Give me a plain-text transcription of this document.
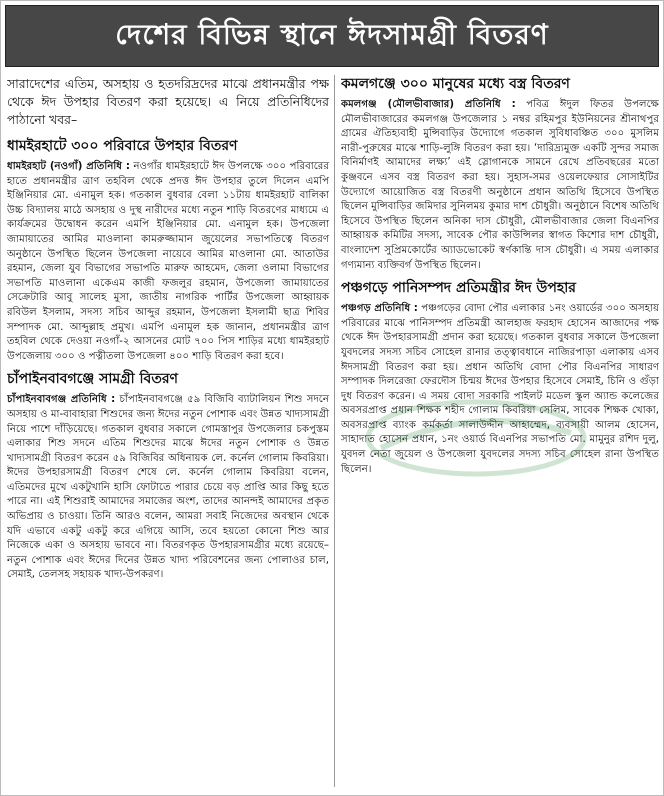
দেশের বিভিন্ন স্থানে ঈদসামগ্রী বিতরণ

সারাদেশের এতিম, অসহায় ও হতদরিদ্রদের মাঝে প্রধানমন্ত্রীর পক্ষ থেকে ঈদ উপহার বিতরণ করা হয়েছে। এ নিয়ে প্রতিনিধিদের পাঠানো খবর–

ধামইরহাটে ৩০০ পরিবারে উপহার বিতরণ

ধামইরহাট (নওগাঁ) প্রতিনিধি : নওগাঁর ধামইরহাটে ঈদ উপলক্ষে ৩০০ পরিবারের হাতে প্রধানমন্ত্রীর ত্রাণ তহবিল থেকে প্রদত্ত ঈদ উপহার তুলে দিলেন এমপি ইঞ্জিনিয়ার মো. এনামুল হক। গতকাল বুধবার বেলা ১১টায় ধামইরহাট বালিকা উচ্চ বিদ্যালয় মাঠে অসহায় ও দুস্থ নারীদের মধ্যে নতুন শাড়ি বিতরণের মাধ্যমে এ কার্যক্রমের উদ্বোধন করেন এমপি ইঞ্জিনিয়ার মো. এনামুল হক। উপজেলা জামায়াতের আমির মাওলানা কামরুজ্জামান জুয়েলের সভাপতিত্বে বিতরণ অনুষ্ঠানে উপস্থিত ছিলেন উপজেলা নায়েবে আমির মাওলানা মো. আতাউর রহমান, জেলা যুব বিভাগের সভাপতি মারুফ আহমেদ, জেলা ওলামা বিভাগের সভাপতি মাওলানা একেএম কাজী ফজলুর রহমান, উপজেলা জামায়াতের সেক্রেটারি আবু সালেহ মুসা, জাতীয় নাগরিক পার্টির উপজেলা আহ্বায়ক রবিউল ইসলাম, সদস্য সচিব আব্দুর রহমান, উপজেলা ইসলামী ছাত্র শিবির সম্পাদক মো. আব্দুল্লাহ প্রমুখ। এমপি এনামুল হক জানান, প্রধানমন্ত্রীর ত্রাণ তহবিল থেকে দেওয়া নওগাঁ-২ আসনের মোট ৭০০ পিস শাড়ির মধ্যে ধামইরহাট উপজেলায় ৩০০ ও পত্নীতলা উপজেলা ৪০০ শাড়ি বিতরণ করা হবে।

চাঁপাইনবাবগঞ্জে সামগ্রী বিতরণ

চাঁপাইনবাবগঞ্জ প্রতিনিধি : চাঁপাইনবাবগঞ্জে ৫৯ বিজিবি ব্যাটালিয়ন শিশু সদনে অসহায় ও মা-বাবাহারা শিশুদের জন্য ঈদের নতুন পোশাক এবং উন্নত খাদ্যসামগ্রী নিয়ে পাশে দাঁড়িয়েছে। গতকাল বুধবার সকালে গোমস্তাপুর উপজেলার চকপুস্তম এলাকার শিশু সদনে এতিম শিশুদের মাঝে ঈদের নতুন পোশাক ও উন্নত খাদ্যসামগ্রী বিতরণ করেন ৫৯ বিজিবির অধিনায়ক লে. কর্নেল গোলাম কিবরিয়া। ঈদের উপহারসামগ্রী বিতরণ শেষে লে. কর্নেল গোলাম কিবরিয়া বলেন, এতিমদের মুখে একটুখানি হাসি ফোটাতে পারার চেয়ে বড় প্রাপ্তি আর কিছু হতে পারে না। এই শিশুরাই আমাদের সমাজের অংশ, তাদের আনন্দই আমাদের প্রকৃত অভিপ্রায় ও চাওয়া। তিনি আরও বলেন, আমরা সবাই নিজেদের অবস্থান থেকে যদি এভাবে একটু একটু করে এগিয়ে আসি, তবে হয়তো কোনো শিশু আর নিজেকে একা ও অসহায় ভাববে না। বিতরণকৃত উপহারসামগ্রীর মধ্যে রয়েছে– নতুন পোশাক এবং ঈদের দিনের উন্নত খাদ্য পরিবেশনের জন্য পোলাওর চাল, সেমাই, তেলসহ সহায়ক খাদ্য-উপকরণ।

কমলগঞ্জে ৩০০ মানুষের মধ্যে বস্ত্র বিতরণ

কমলগঞ্জ (মৌলভীবাজার) প্রতিনিধি : পবিত্র ঈদুল ফিতর উপলক্ষে মৌলভীবাজারের কমলগঞ্জ উপজেলার ১ নম্বর রহিমপুর ইউনিয়নের শ্রীনাথপুর গ্রামের ঐতিহ্যবাহী মুন্সিবাড়ির উদ্যোগে গতকাল সুবিধাবঞ্চিত ৩০০ মুসলিম নারী-পুরুষের মাঝে শাড়ি-লুঙ্গি বিতরণ করা হয়। ‘দারিদ্র্যমুক্ত একটি সুন্দর সমাজ বিনির্মাণই আমাদের লক্ষ্য’ এই স্লোগানকে সামনে রেখে প্রতিবছরের মতো কুঞ্জবনে এসব বস্ত্র বিতরণ করা হয়। সুহাস-সমর ওয়েলফেয়ার সোসাইটির উদ্যোগে আয়োজিত বস্ত্র বিতরণী অনুষ্ঠানে প্রধান অতিথি হিসেবে উপস্থিত ছিলেন মুন্সিবাড়ির জমিদার সুনিলময় কুমার দাশ চৌধুরী। অনুষ্ঠানে বিশেষ অতিথি হিসেবে উপস্থিত ছিলেন অনিকা দাস চৌধুরী, মৌলভীবাজার জেলা বিএনপির আহ্বায়ক কমিটির সদস্য, সাবেক পৌর কাউন্সিলর স্বাগত কিশোর দাশ চৌধুরী, বাংলাদেশ সুপ্রিমকোর্টের অ্যাডভোকেট স্বর্ণকান্তি দাস চৌধুরী। এ সময় এলাকার গণ্যমান্য ব্যক্তিবর্গ উপস্থিত ছিলেন।

পঞ্চগড়ে পানিসম্পদ প্রতিমন্ত্রীর ঈদ উপহার

পঞ্চগড় প্রতিনিধি : পঞ্চগড়ের বোদা পৌর এলাকার ১নং ওয়ার্ডের ৩০০ অসহায় পরিবারের মাঝে পানিসম্পদ প্রতিমন্ত্রী আলহাজ ফরহাদ হোসেন আজাদের পক্ষ থেকে ঈদ উপহারসামগ্রী প্রদান করা হয়েছে। গতকাল বুধবার সকালে উপজেলা যুবদলের সদস্য সচিব সোহেল রানার তত্ত্বাবধানে নাজিরপাড়া এলাকায় এসব ঈদসামগ্রী বিতরণ করা হয়। প্রধান অতিথি বোদা পৌর বিএনপির সাধারণ সম্পাদক দিলরেজা ফেরদৌস চিন্ময় ঈদের উপহার হিসেবে সেমাই, চিনি ও গুঁড়া দুধ বিতরণ করেন। এ সময় বোদা সরকারি পাইলট মডেল স্কুল অ্যান্ড কলেজের অবসরপ্রাপ্ত প্রধান শিক্ষক শহীদ গোলাম কিবরিয়া সেলিম, সাবেক শিক্ষক খোকা, অবসরপ্রাপ্ত ব্যাংক কর্মকর্তা সালাউদ্দীন আহাম্মেদ, ব্যবসায়ী আলম হোসেন, সাহাদাত হোসেন প্রধান, ১নং ওয়ার্ড বিএনপির সভাপতি মো. মামুনুর রশিদ দুলু, যুবদল নেতা জুয়েল ও উপজেলা যুবদলের সদস্য সচিব সোহেল রানা উপস্থিত ছিলেন।
